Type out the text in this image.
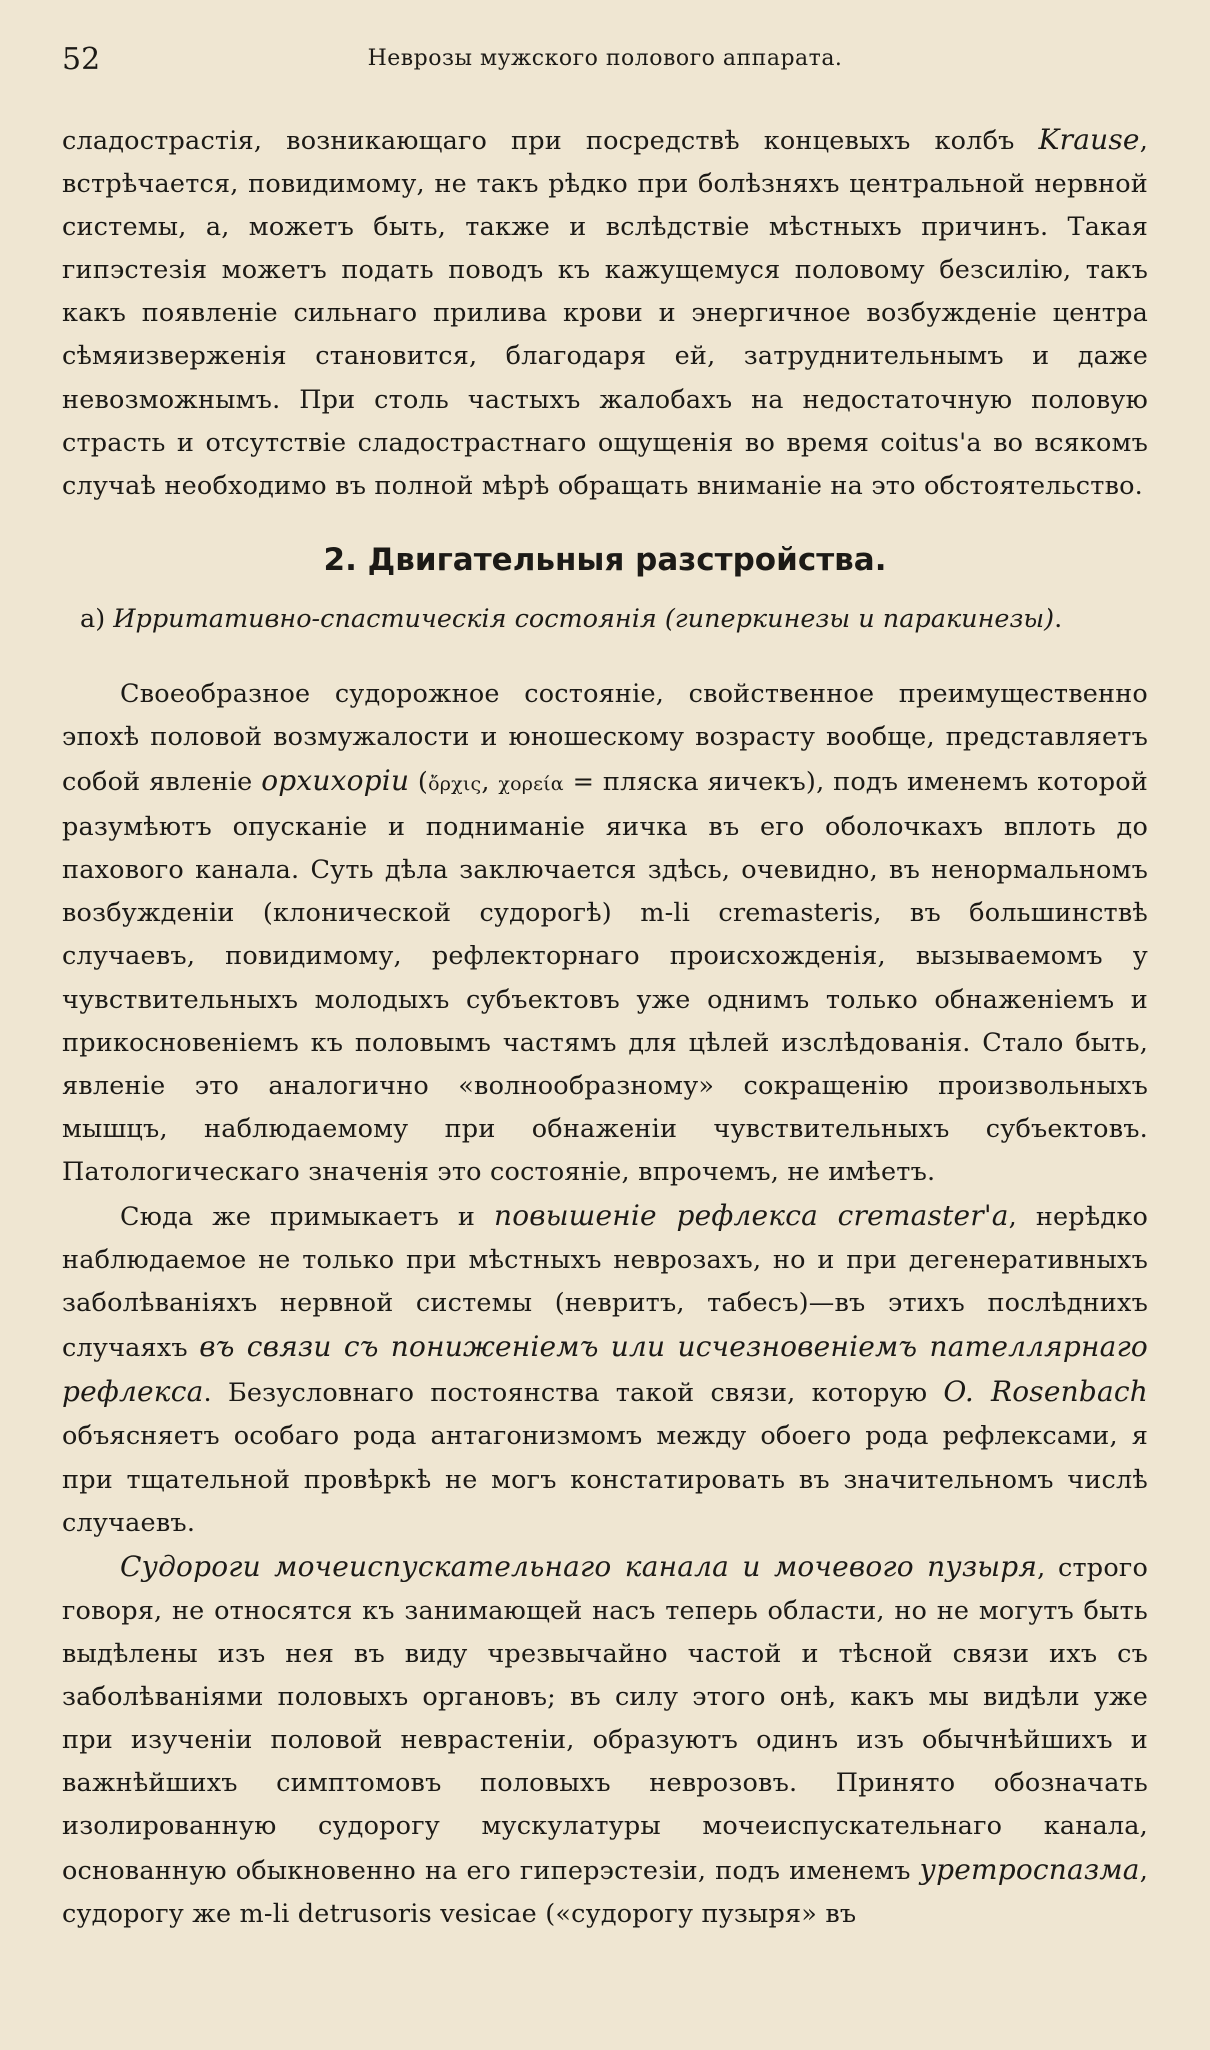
52	Неврозы мужского полового аппарата.

сладострастія, возникающаго при посредствѣ концевыхъ колбъ Krause, встрѣчается, повидимому, не такъ рѣдко при болѣзняхъ центральной нервной системы, а, можетъ быть, также и вслѣдствіе мѣстныхъ причинъ. Такая гипэстезія можетъ подать поводъ къ кажущемуся половому безсилію, такъ какъ появленіе сильнаго прилива крови и энергичное возбужденіе центра сѣмяизверженія становится, благодаря ей, затруднительнымъ и даже невозможнымъ. При столь частыхъ жалобахъ на недостаточную половую страсть и отсутствіе сладострастнаго ощущенія во время coitus'а во всякомъ случаѣ необходимо въ полной мѣрѣ обращать вниманіе на это обстоятельство.

2. Двигательныя разстройства.
a) Ирритативно-спастическія состоянія (гиперкинезы и паракинезы).

Своеобразное судорожное состояніе, свойственное преимущественно эпохѣ половой возмужалости и юношескому возрасту вообще, представляетъ собой явленіе орхихоріи (ὄρχις, χορεία = пляска яичекъ), подъ именемъ которой разумѣютъ опусканіе и подниманіе яичка въ его оболочкахъ вплоть до пахового канала. Суть дѣла заключается здѣсь, очевидно, въ ненормальномъ возбужденіи (клонической судорогѣ) m-li cremasteris, въ большинствѣ случаевъ, повидимому, рефлекторнаго происхожденія, вызываемомъ у чувствительныхъ молодыхъ субъектовъ уже однимъ только обнаженіемъ и прикосновеніемъ къ половымъ частямъ для цѣлей изслѣдованія. Стало быть, явленіе это аналогично «волнообразному» сокращенію произвольныхъ мышцъ, наблюдаемому при обнаженіи чувствительныхъ субъектовъ. Патологическаго значенія это состояніе, впрочемъ, не имѣетъ.

Сюда же примыкаетъ и повышеніе рефлекса cremaster'a, нерѣдко наблюдаемое не только при мѣстныхъ неврозахъ, но и при дегенеративныхъ заболѣваніяхъ нервной системы (невритъ, табесъ)—въ этихъ послѣднихъ случаяхъ въ связи съ пониженіемъ или исчезновеніемъ пателлярнаго рефлекса. Безусловнаго постоянства такой связи, которую O. Rosenbach объясняетъ особаго рода антагонизмомъ между обоего рода рефлексами, я при тщательной провѣркѣ не могъ констатировать въ значительномъ числѣ случаевъ.

Судороги мочеиспускательнаго канала и мочевого пузыря, строго говоря, не относятся къ занимающей насъ теперь области, но не могутъ быть выдѣлены изъ нея въ виду чрезвычайно частой и тѣсной связи ихъ съ заболѣваніями половыхъ органовъ; въ силу этого онѣ, какъ мы видѣли уже при изученіи половой неврастеніи, образуютъ одинъ изъ обычнѣйшихъ и важнѣйшихъ симптомовъ половыхъ неврозовъ. Принято обозначать изолированную судорогу мускулатуры мочеиспускательнаго канала, основанную обыкновенно на его гиперэстезіи, подъ именемъ уретроспазма, судорогу же m-li detrusoris vesicae («судорогу пузыря» въ
